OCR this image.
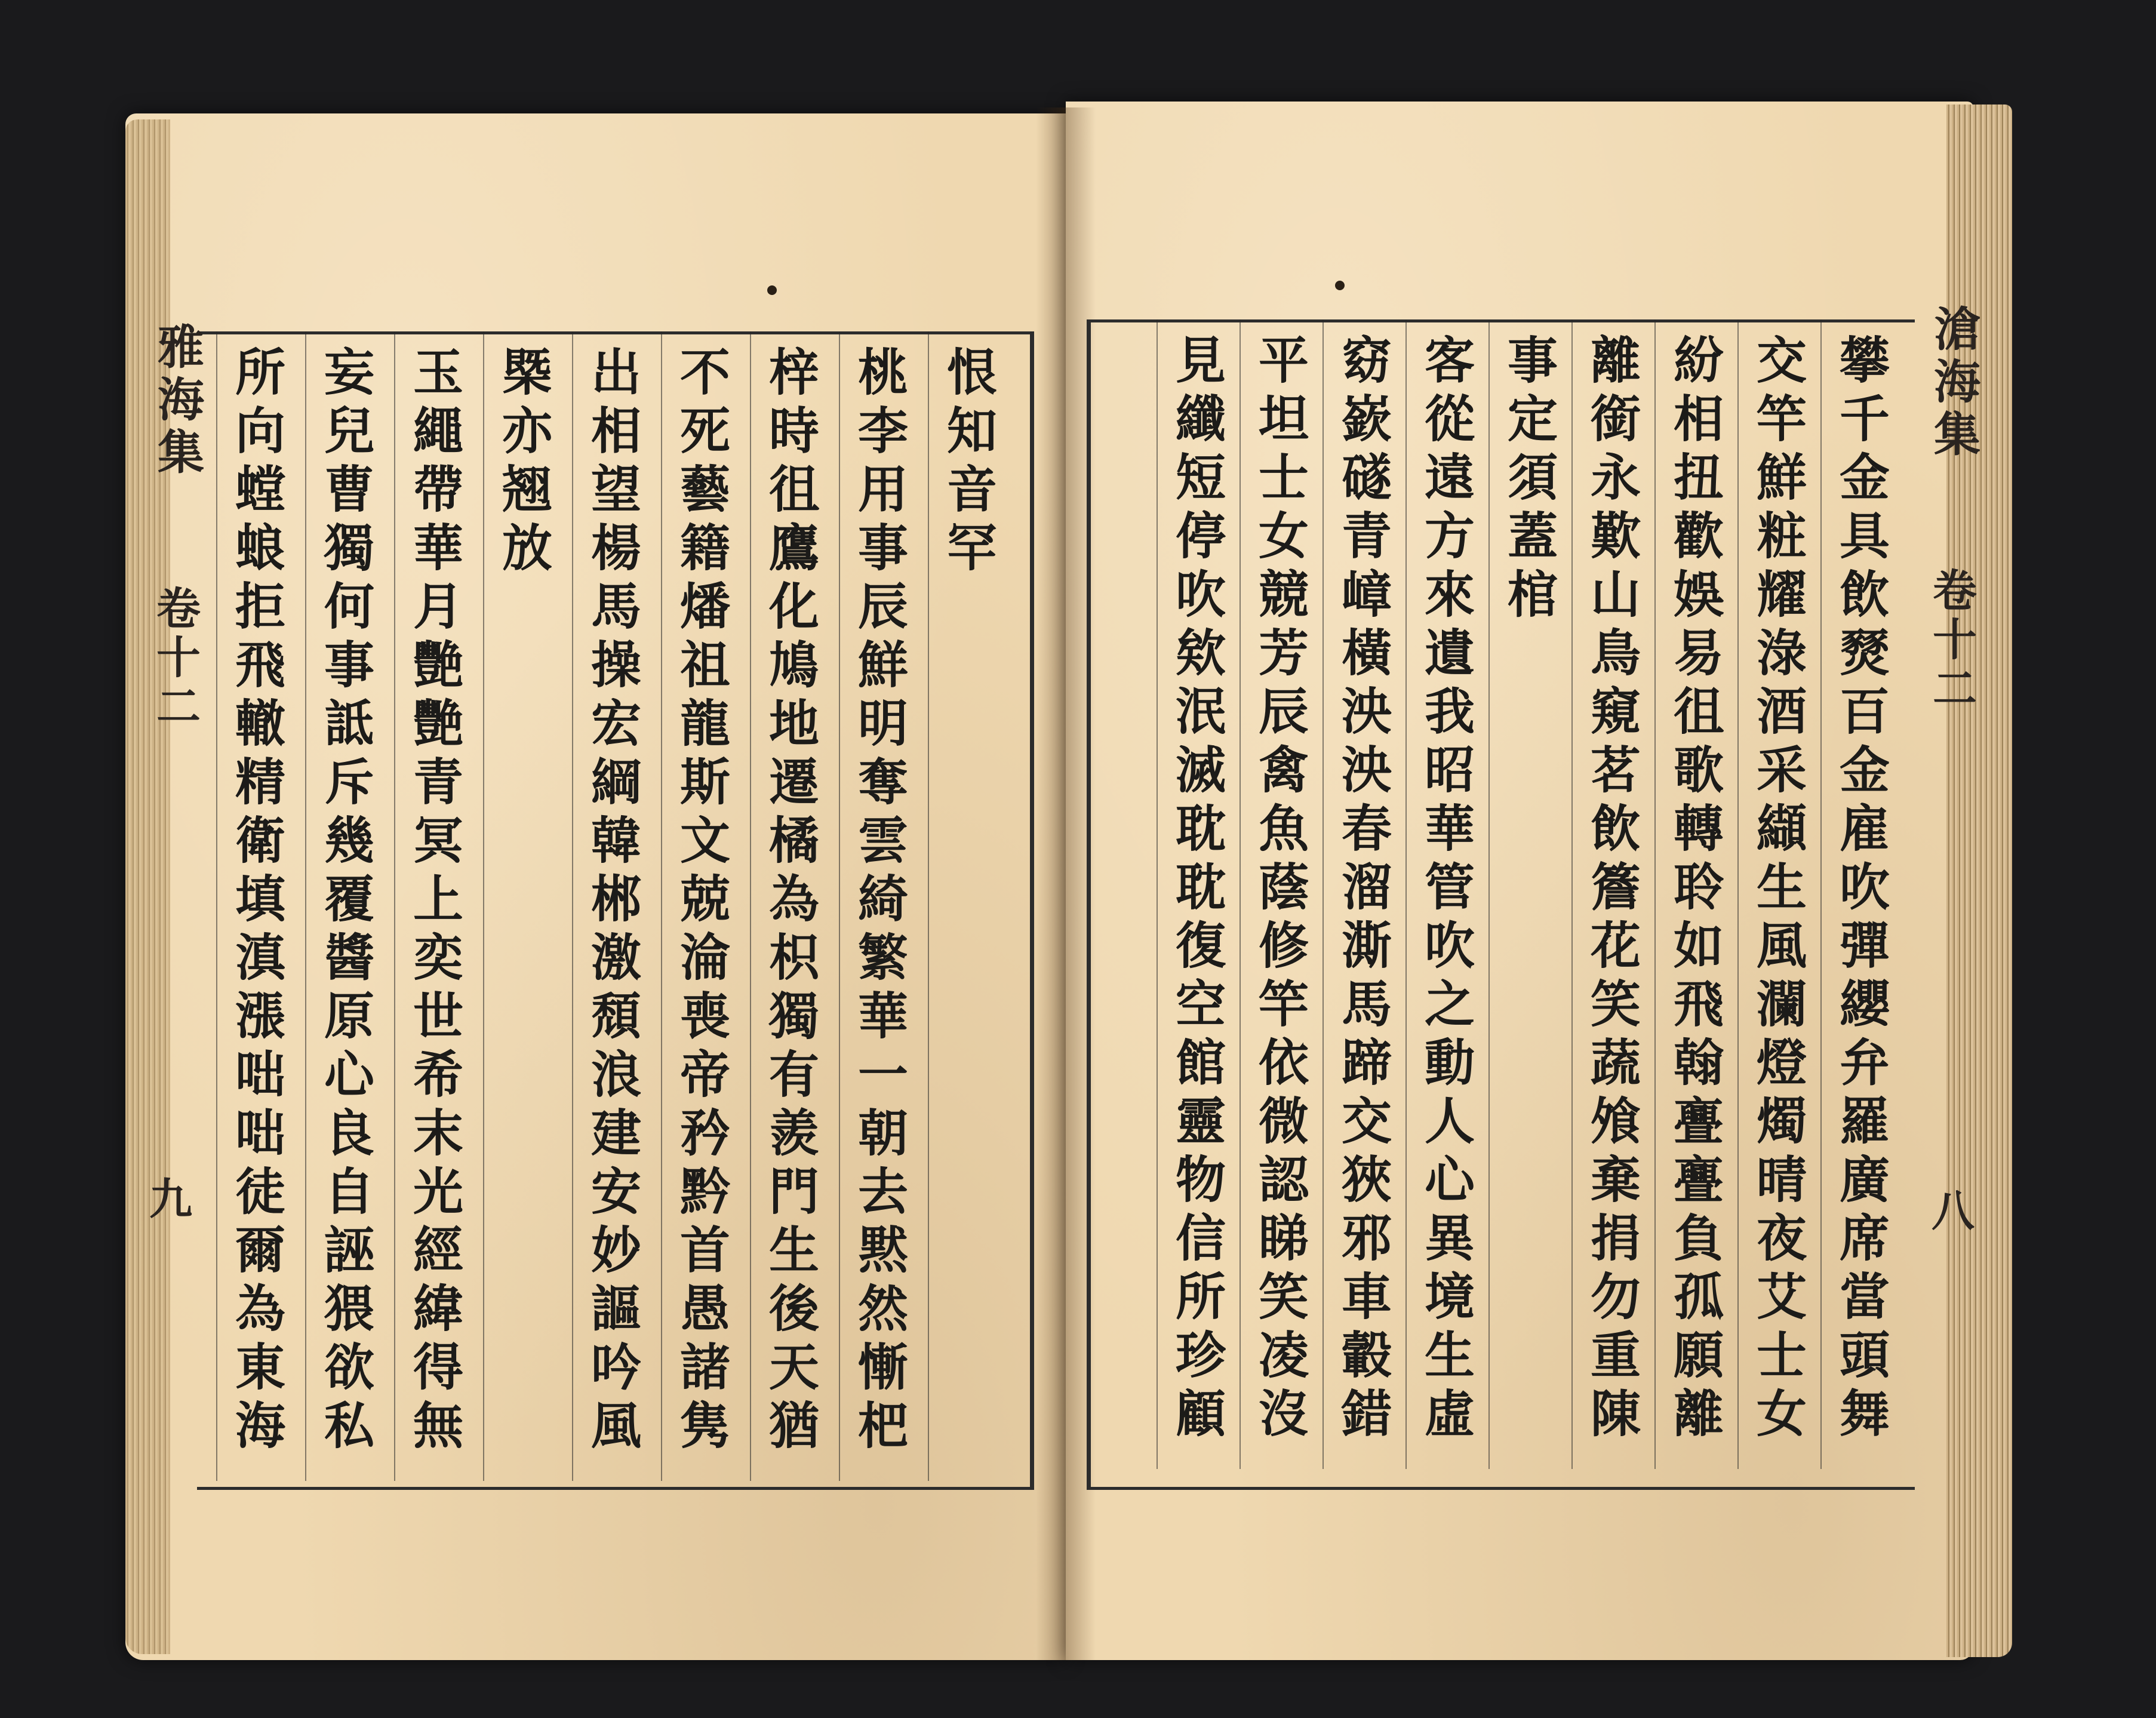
雅海集
卷十二
九
滄海集
卷十二
八
恨
知
音
罕
桃
李
用
事
辰
鮮
明
奪
雲
綺
繁
華
一
朝
去
黙
然
慚
杷
梓
時
徂
鷹
化
鳩
地
遷
橘
為
枳
獨
有
羨
門
生
後
天
猶
不
死
藝
籍
燔
祖
龍
斯
文
兢
淪
喪
帝
矜
黔
首
愚
諸
隽
出
相
望
楊
馬
操
宏
綱
韓
郴
激
頹
浪
建
安
妙
謳
吟
風
槩
亦
翘
放
玉
繩
帶
華
月
艷
艷
青
冥
上
奕
世
希
末
光
經
緯
得
無
妄
兒
曹
獨
何
事
詆
斥
幾
覆
醬
原
心
良
自
誣
猥
欲
私
所
向
螳
蜋
拒
飛
轍
精
衛
填
滇
漲
咄
咄
徒
爾
為
東
海
攀
千
金
具
飲
燹
百
金
雇
吹
彈
纓
弁
羅
廣
席
當
頭
舞
交
竿
鮮
粧
耀
淥
酒
采
纈
生
風
瀾
燈
燭
晴
夜
艾
士
女
紛
相
扭
歡
娛
易
徂
歌
轉
聆
如
飛
翰
亹
亹
負
孤
願
離
離
銜
永
歎
山
鳥
窺
茗
飲
簷
花
笑
蔬
飧
棄
捐
勿
重
陳
事
定
須
蓋
棺
客
從
遠
方
來
遺
我
昭
華
管
吹
之
動
人
心
異
境
生
虛
窈
嶔
礈
青
嶂
橫
泱
泱
春
溜
澌
馬
蹄
交
狹
邪
車
轂
錯
平
坦
士
女
競
芳
辰
禽
魚
蔭
修
竿
依
微
認
睇
笑
凌
沒
見
纖
短
停
吹
欸
泯
滅
耽
耽
復
空
館
靈
物
信
所
珍
顧
